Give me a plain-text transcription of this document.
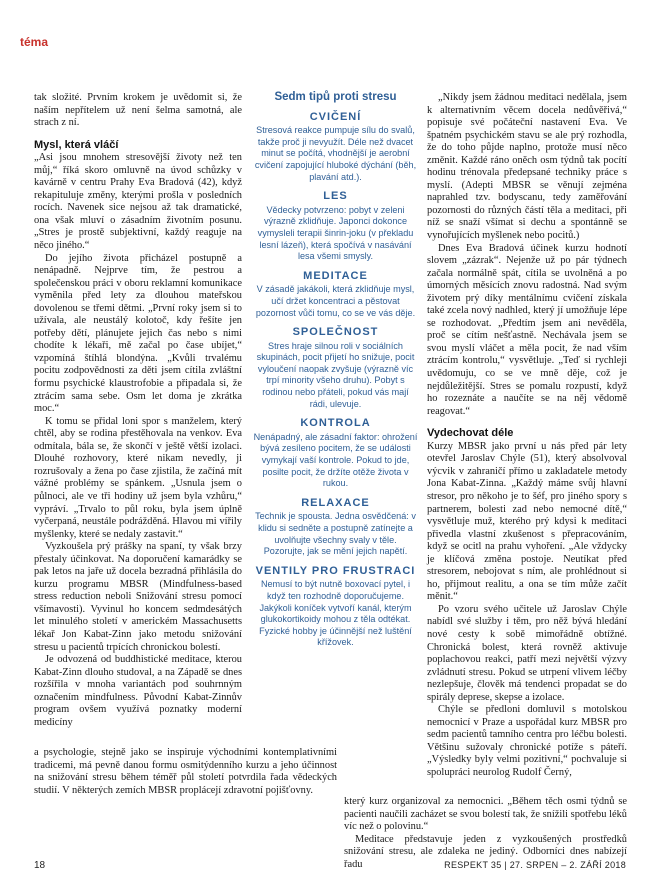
téma

tak složité. Prvním krokem je uvědomit si, že naším nepřítelem už není šelma samotná, ale strach z ní.

Mysl, která vláčí

„Asi jsou mnohem stresovější životy než ten můj,“ říká skoro omluvně na úvod schůzky v kavárně v centru Prahy Eva Bradová (42), když rekapituluje změny, kterými prošla v posledních rocích. Navenek sice nejsou až tak dramatické, ona však mluví o zásadním životním posunu. „Stres je prostě subjektivní, každý reaguje na něco jiného.“

Do jejího života přicházel postupně a nenápadně. Nejprve tím, že pestrou a společenskou práci v oboru reklamní komunikace vyměnila před lety za dlouhou mateřskou dovolenou se třemi dětmi. „První roky jsem si to užívala, ale neustálý kolotoč, kdy řešíte jen potřeby dětí, plánujete jejich čas nebo s nimi chodíte k lékaři, mě začal po čase ubíjet,“ vzpomíná štíhlá blondýna. „Kvůli trvalému pocitu zodpovědnosti za děti jsem cítila zvláštní formu psychické klaustrofobie a připadala si, že ztrácím sama sebe. Osm let doma je zkrátka moc.“

K tomu se přidal loni spor s manželem, který chtěl, aby se rodina přestěhovala na venkov. Eva odmítala, bála se, že skončí v ještě větší izolaci. Dlouhé rozhovory, které nikam nevedly, ji rozrušovaly a žena po čase zjistila, že začíná mít vážné problémy se spánkem. „Usnula jsem o půlnoci, ale ve tři hodiny už jsem byla vzhůru,“ vypráví. „Trvalo to půl roku, byla jsem úplně vyčerpaná, neustále podrážděná. Hlavou mi vířily myšlenky, které se nedaly zastavit.“

Vyzkoušela prý prášky na spaní, ty však brzy přestaly účinkovat. Na doporučení kamarádky se pak letos na jaře už docela bezradná přihlásila do kurzu programu MBSR (Mindfulness-based stress reduction neboli Snižování stresu pomocí všímavosti). Vyvinul ho koncem sedmdesátých let minulého století v americkém Massachusetts lékař Jon Kabat-Zinn jako metodu snižování stresu u pacientů trpících chronickou bolestí.

Je odvozená od buddhistické meditace, kterou Kabat-Zinn dlouho studoval, a na Západě se dnes rozšířila v mnoha variantách pod souhrnným označením mindfulness. Původní Kabat-Zinnův program ovšem využívá poznatky moderní medicíny

Sedm tipů proti stresu
CVIČENÍ

Stresová reakce pumpuje sílu do svalů, takže proč ji nevyužít. Déle než dvacet minut se počítá, vhodnější je aerobní cvičení zapojující hluboké dýchání (běh, plavání atd.).

LES

Vědecky potvrzeno: pobyt v zeleni výrazně zklidňuje. Japonci dokonce vymysleli terapii šinrin-joku (v překladu lesní lázeň), která spočívá v nasávání lesa všemi smysly.

MEDITACE

V zásadě jakákoli, která zklidňuje mysl, učí držet koncentraci a pěstovat pozornost vůči tomu, co se ve vás děje.

SPOLEČNOST

Stres hraje silnou roli v sociálních skupinách, pocit přijetí ho snižuje, pocit vyloučení naopak zvyšuje (výrazně víc trpí minority všeho druhu). Pobyt s rodinou nebo přáteli, pokud vás mají rádi, ulevuje.

KONTROLA

Nenápadný, ale zásadní faktor: ohrožení bývá zesíleno pocitem, že se události vymykají vaší kontrole. Pokud to jde, posilte pocit, že držíte otěže života v rukou.

RELAXACE

Technik je spousta. Jedna osvědčená: v klidu si sedněte a postupně zatínejte a uvolňujte všechny svaly v těle. Pozorujte, jak se mění jejich napětí.

VENTILY PRO FRUSTRACI

Nemusí to být nutně boxovací pytel, i když ten rozhodně doporučujeme. Jakýkoli koníček vytvoří kanál, kterým glukokortikoidy mohou z těla odtékat. Fyzické hobby je účinnější než luštění křížovek.

„Nikdy jsem žádnou meditaci nedělala, jsem k alternativním věcem docela nedůvěřivá,“ popisuje své počáteční nastavení Eva. Ve špatném psychickém stavu se ale prý rozhodla, že do toho půjde naplno, protože musí něco změnit. Každé ráno oněch osm týdnů tak pocítí hodinu trénovala předepsané techniky práce s myslí. (Adepti MBSR se věnují zejména naprahled tzv. bodyscanu, tedy zaměřování pozornosti do různých částí těla a meditaci, při níž se snaží všímat si dechu a spontánně se vynořujících myšlenek nebo pocitů.)

Dnes Eva Bradová účinek kurzu hodnotí slovem „zázrak“. Nejenže už po pár týdnech začala normálně spát, cítila se uvolněná a po úmorných měsících znovu radostná. Nad svým životem prý díky mentálnímu cvičení získala také zcela nový nadhled, který jí umožňuje lépe se rozhodovat. „Předtím jsem ani nevěděla, proč se cítím nešťastně. Nechávala jsem se svou myslí vláčet a měla pocit, že nad vším ztrácím kontrolu,“ vysvětluje. „Teď si rychleji uvědomuju, co se ve mně děje, což je nejdůležitější. Stres se pomalu rozpustí, když ho rozeznáte a naučíte se na něj vědomě reagovat.“

Vydechovat déle

Kurzy MBSR jako první u nás před pár lety otevřel Jaroslav Chýle (51), který absolvoval výcvik v zahraničí přímo u zakladatele metody Jona Kabat-Zinna. „Každý máme svůj hlavní stresor, pro někoho je to šéf, pro jiného spory s partnerem, bolesti zad nebo nemocné dítě,“ vysvětluje muž, kterého prý kdysi k meditaci přivedla vlastní zkušenost s přepracováním, když se ocitl na prahu vyhoření. „Ale vždycky je klíčová změna postoje. Neutíkat před stresorem, nebojovat s ním, ale prohlédnout si ho, přijmout realitu, a ona se tím může začít měnit.“

Po vzoru svého učitele už Jaroslav Chýle nabídl své služby i těm, pro něž bývá hledání nové cesty k sobě mimořádně obtížné. Chronická bolest, která rovněž aktivuje poplachovou reakci, patří mezi největší výzvy zvládnutí stresu. Pokud se utrpení vlivem léčby nezlepšuje, člověk má tendenci propadat se do spirály deprese, skepse a izolace.

Chýle se předloni domluvil s motolskou nemocnicí v Praze a uspořádal kurz MBSR pro sedm pacientů tamního centra pro léčbu bolesti. Většinu sužovaly chronické potíže s páteří. „Výsledky byly velmi pozitivní,“ pochvaluje si spolupráci neurolog Rudolf Černý,

a psychologie, stejně jako se inspiruje východními kontemplativními tradicemi, má pevně danou formu osmitýdenního kurzu a jeho účinnost na snižování stresu během téměř půl století potvrdila řada vědeckých studií. V některých zemích MBSR proplácejí zdravotní pojišťovny.

který kurz organizoval za nemocnici. „Během těch osmi týdnů se pacienti naučili zacházet se svou bolestí tak, že snížili spotřebu léků víc než o polovinu.“

Meditace představuje jeden z vyzkoušených prostředků snižování stresu, ale zdaleka ne jediný. Odborníci dnes nabízejí řadu

18	RESPEKT 35 | 27. SRPEN – 2. ZÁŘÍ 2018
